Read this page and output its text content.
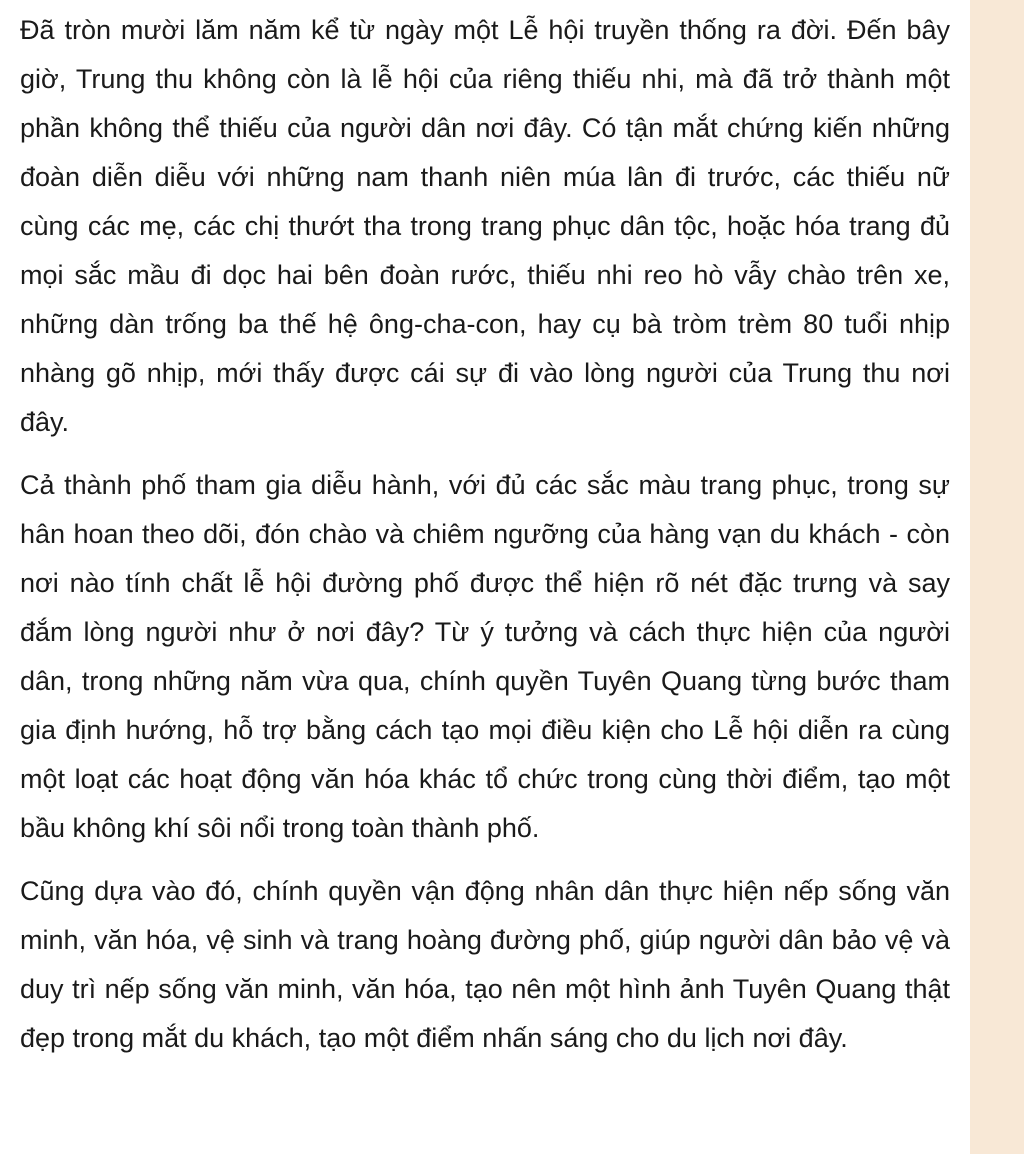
Đã tròn mười lăm năm kể từ ngày một Lễ hội truyền thống ra đời. Đến bây giờ, Trung thu không còn là lễ hội của riêng thiếu nhi, mà đã trở thành một phần không thể thiếu của người dân nơi đây. Có tận mắt chứng kiến những đoàn diễn diễu với những nam thanh niên múa lân đi trước, các thiếu nữ cùng các mẹ, các chị thướt tha trong trang phục dân tộc, hoặc hóa trang đủ mọi sắc mầu đi dọc hai bên đoàn rước, thiếu nhi reo hò vẫy chào trên xe, những dàn trống ba thế hệ ông-cha-con, hay cụ bà tròm trèm 80 tuổi nhịp nhàng gõ nhịp, mới thấy được cái sự đi vào lòng người của Trung thu nơi đây.

Cả thành phố tham gia diễu hành, với đủ các sắc màu trang phục, trong sự hân hoan theo dõi, đón chào và chiêm ngưỡng của hàng vạn du khách - còn nơi nào tính chất lễ hội đường phố được thể hiện rõ nét đặc trưng và say đắm lòng người như ở nơi đây? Từ ý tưởng và cách thực hiện của người dân, trong những năm vừa qua, chính quyền Tuyên Quang từng bước tham gia định hướng, hỗ trợ bằng cách tạo mọi điều kiện cho Lễ hội diễn ra cùng một loạt các hoạt động văn hóa khác tổ chức trong cùng thời điểm, tạo một bầu không khí sôi nổi trong toàn thành phố.

Cũng dựa vào đó, chính quyền vận động nhân dân thực hiện nếp sống văn minh, văn hóa, vệ sinh và trang hoàng đường phố, giúp người dân bảo vệ và duy trì nếp sống văn minh, văn hóa, tạo nên một hình ảnh Tuyên Quang thật đẹp trong mắt du khách, tạo một điểm nhấn sáng cho du lịch nơi đây.
